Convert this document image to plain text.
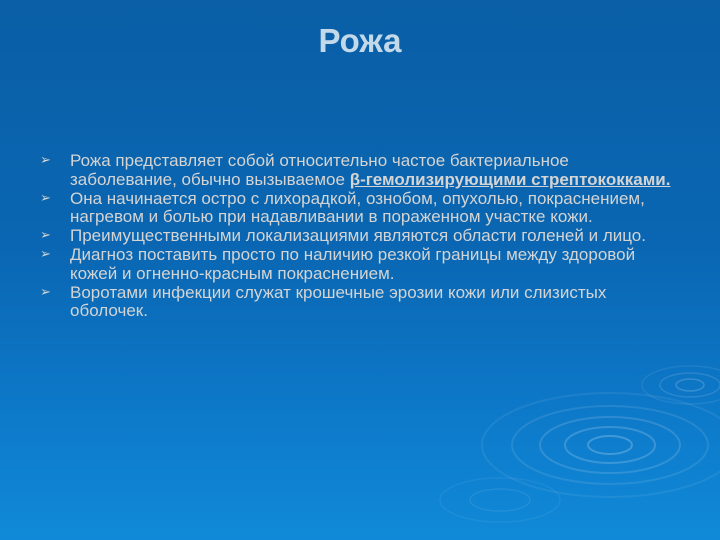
Рожа
➢ Рожа представляет собой относительно частое бактериальное заболевание, обычно вызываемое β-гемолизирующими стрептококками.
➢ Она начинается остро с лихорадкой, ознобом, опухолью, покраснением, нагревом и болью при надавливании в пораженном участке кожи.
➢ Преимущественными локализациями являются области голеней и лицо.
➢ Диагноз поставить просто по наличию резкой границы между здоровой кожей и огненно-красным покраснением.
➢ Воротами инфекции служат крошечные эрозии кожи или слизистых оболочек.
